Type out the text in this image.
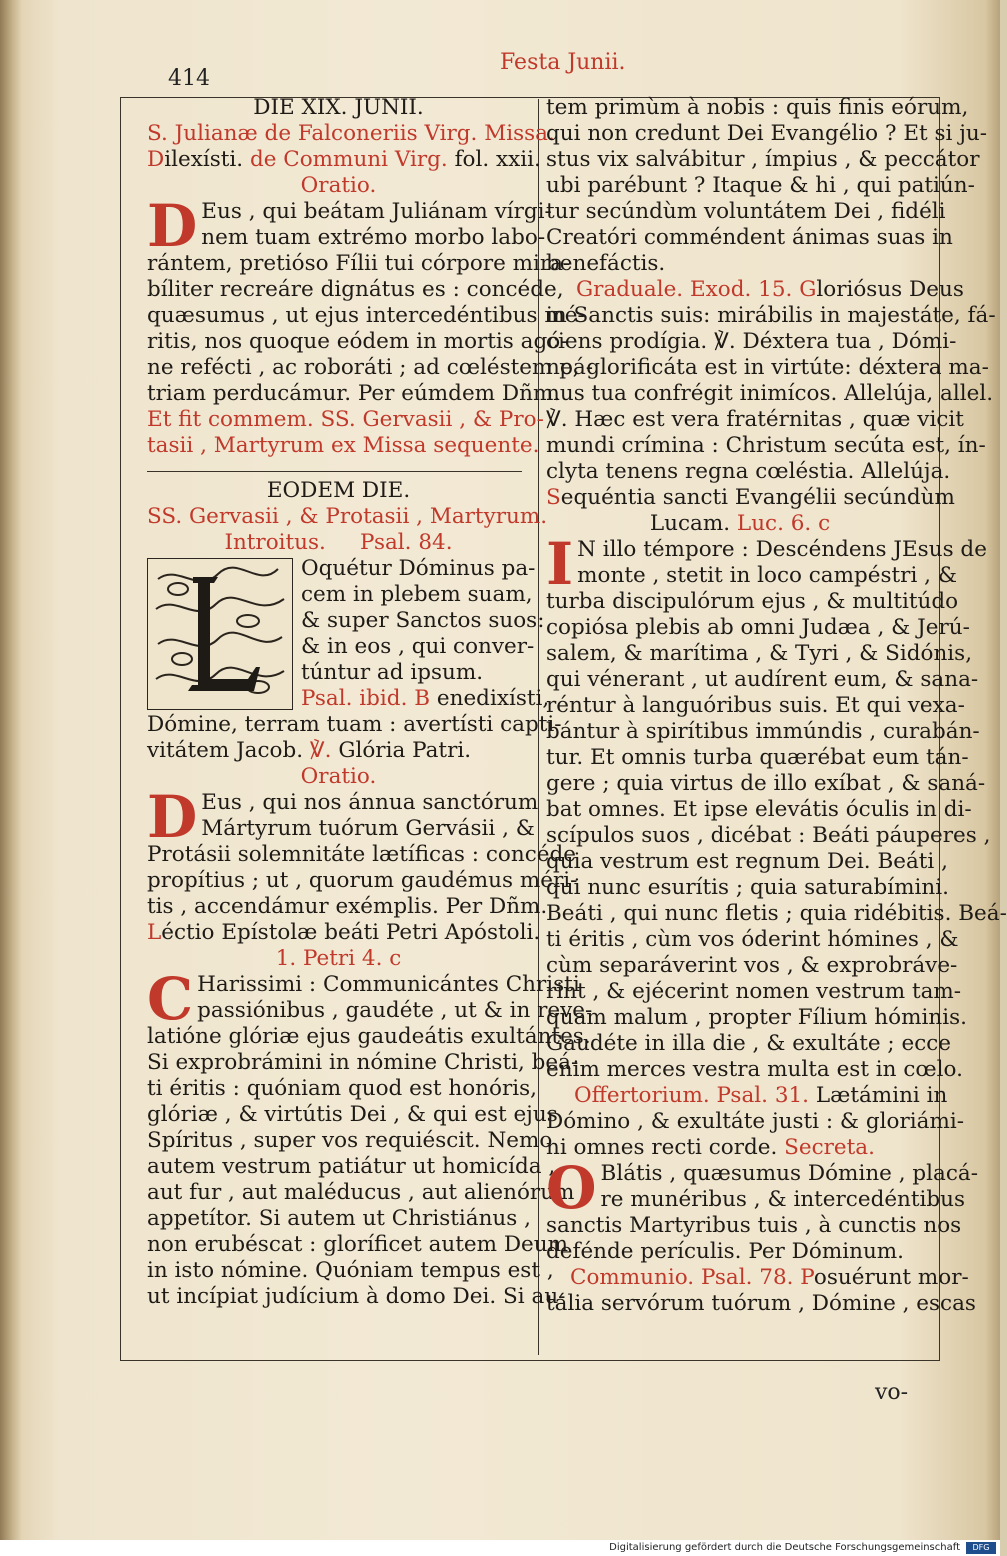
414
Festa Junii.
DIE XIX. JUNII.
S. Julianæ de Falconeriis Virg. Missa.
Dilexísti. de Communi Virg. fol. xxii.
Oratio.
D Eus , qui beátam Juliánam vírgi-
nem tuam extrémo morbo labo-
rántem, pretióso Fílii tui córpore mira-
bíliter recreáre dignátus es : concéde,
quæsumus , ut ejus intercedéntibus mé-
ritis, nos quoque eódem in mortis agó-
ne refécti , ac roboráti ; ad cœléstem pá-
triam perducámur. Per eúmdem Dñm.
Et fit commem. SS. Gervasii , & Pro-
tasii , Martyrum ex Missa sequente.
EODEM DIE.
SS. Gervasii , & Protasii , Martyrum.
Introitus.     Psal. 84.
Oquétur Dóminus pa-
cem in plebem suam,
& super Sanctos suos:
& in eos , qui conver-
túntur ad ipsum.
Psal. ibid. B enedixísti,
Dómine, terram tuam : avertísti capti-
vitátem Jacob. ℣. Glória Patri.
Oratio.
D Eus , qui nos ánnua sanctórum
Mártyrum tuórum Gervásii , &
Protásii solemnitáte lætíficas : concéde
propítius ; ut , quorum gaudémus méri-
tis , accendámur exémplis. Per Dñm.
Léctio Epístolæ beáti Petri Apóstoli.
1. Petri 4. c
C Harissimi : Communicántes Christi
passiónibus , gaudéte , ut & in reve-
latióne glóriæ ejus gaudeátis exultántes.
Si exprobrámini in nómine Christi, beá-
ti éritis : quóniam quod est honóris,
glóriæ , & virtútis Dei , & qui est ejus
Spíritus , super vos requiéscit. Nemo
autem vestrum patiátur ut homicída ,
aut fur , aut maléducus , aut alienórum
appetítor. Si autem ut Christiánus ,
non erubéscat : gloríficet autem Deum
in isto nómine. Quóniam tempus est ,
ut incípiat judícium à domo Dei. Si au-
tem primùm à nobis : quis finis eórum,
qui non credunt Dei Evangélio ? Et si ju-
stus vix salvábitur , ímpius , & peccátor
ubi parébunt ? Itaque & hi , qui patiún-
tur secúndùm voluntátem Dei , fidéli
Creatóri comméndent ánimas suas in
benefáctis.
Graduale. Exod. 15. Gloriósus Deus
in Sanctis suis: mirábilis in majestáte, fá-
ciens prodígia. ℣. Déxtera tua , Dómi-
ne, glorificáta est in virtúte: déxtera ma-
nus tua confrégit inimícos. Allelúja, allel.
℣. Hæc est vera fratérnitas , quæ vicit
mundi crímina : Christum secúta est, ín-
clyta tenens regna cœléstia. Allelúja.
Sequéntia sancti Evangélii secúndùm
Lucam. Luc. 6. c
I N illo témpore : Descéndens JEsus de
monte , stetit in loco campéstri , &
turba discipulórum ejus , & multitúdo
copiósa plebis ab omni Judæa , & Jerú-
salem, & marítima , & Tyri , & Sidónis,
qui vénerant , ut audírent eum, & sana-
réntur à languóribus suis. Et qui vexa-
bántur à spirítibus immúndis , curabán-
tur. Et omnis turba quærébat eum tán-
gere ; quia virtus de illo exíbat , & saná-
bat omnes. Et ipse elevátis óculis in di-
scípulos suos , dicébat : Beáti páuperes ,
quia vestrum est regnum Dei. Beáti ,
qui nunc esurítis ; quia saturabímini.
Beáti , qui nunc fletis ; quia ridébitis. Beá-
ti éritis , cùm vos óderint hómines , &
cùm separáverint vos , & exprobráve-
rint , & ejécerint nomen vestrum tam-
quam malum , propter Fílium hóminis.
Gaudéte in illa die , & exultáte ; ecce
enim merces vestra multa est in cœlo.
Offertorium. Psal. 31. Lætámini in
Dómino , & exultáte justi : & gloriámi-
ni omnes recti corde. Secreta.
O Blátis , quæsumus Dómine , placá-
re munéribus , & intercedéntibus
sanctis Martyribus tuis , à cunctis nos
defénde perículis. Per Dóminum.
Communio. Psal. 78. Posuérunt mor-
tália servórum tuórum , Dómine , escas
vo-
Digitalisierung gefördert durch die Deutsche Forschungsgemeinschaft	DFG
